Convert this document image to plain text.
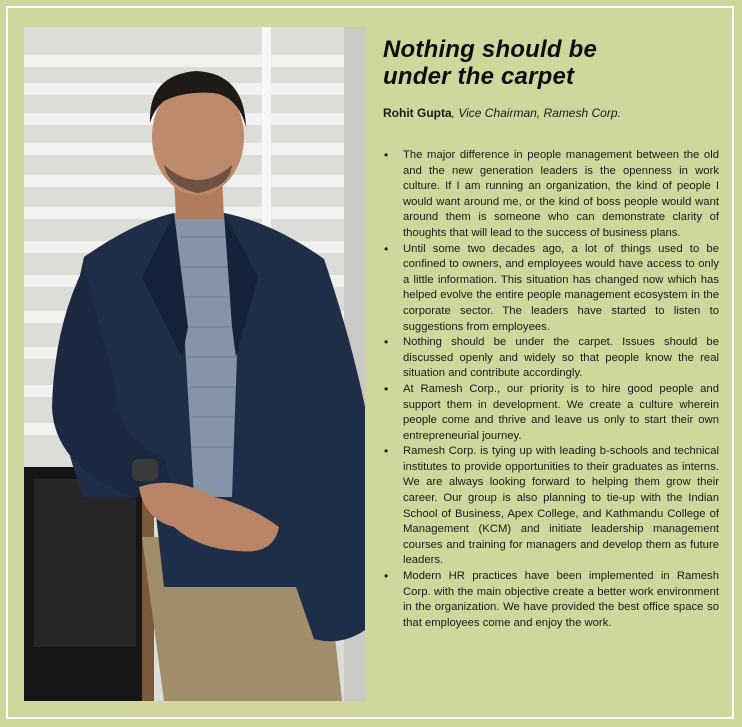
Nothing should be
under the carpet
Rohit Gupta, Vice Chairman, Ramesh Corp.
• The major difference in people management between the old and the new generation leaders is the openness in work culture. If I am running an organization, the kind of people I would want around me, or the kind of boss people would want around them is someone who can demonstrate clarity of thoughts that will lead to the success of business plans.
• Until some two decades ago, a lot of things used to be confined to owners, and employees would have access to only a little information. This situation has changed now which has helped evolve the entire people management ecosystem in the corporate sector. The leaders have started to listen to suggestions from employees.
• Nothing should be under the carpet. Issues should be discussed openly and widely so that people know the real situation and contribute accordingly.
• At Ramesh Corp., our priority is to hire good people and support them in development. We create a culture wherein people come and thrive and leave us only to start their own entrepreneurial journey.
• Ramesh Corp. is tying up with leading b-schools and technical institutes to provide opportunities to their graduates as interns. We are always looking forward to helping them grow their career. Our group is also planning to tie-up with the Indian School of Business, Apex College, and Kathmandu College of Management (KCM) and initiate leadership management courses and training for managers and develop them as future leaders.
• Modern HR practices have been implemented in Ramesh Corp. with the main objective create a better work environment in the organization. We have provided the best office space so that employees come and enjoy the work.
